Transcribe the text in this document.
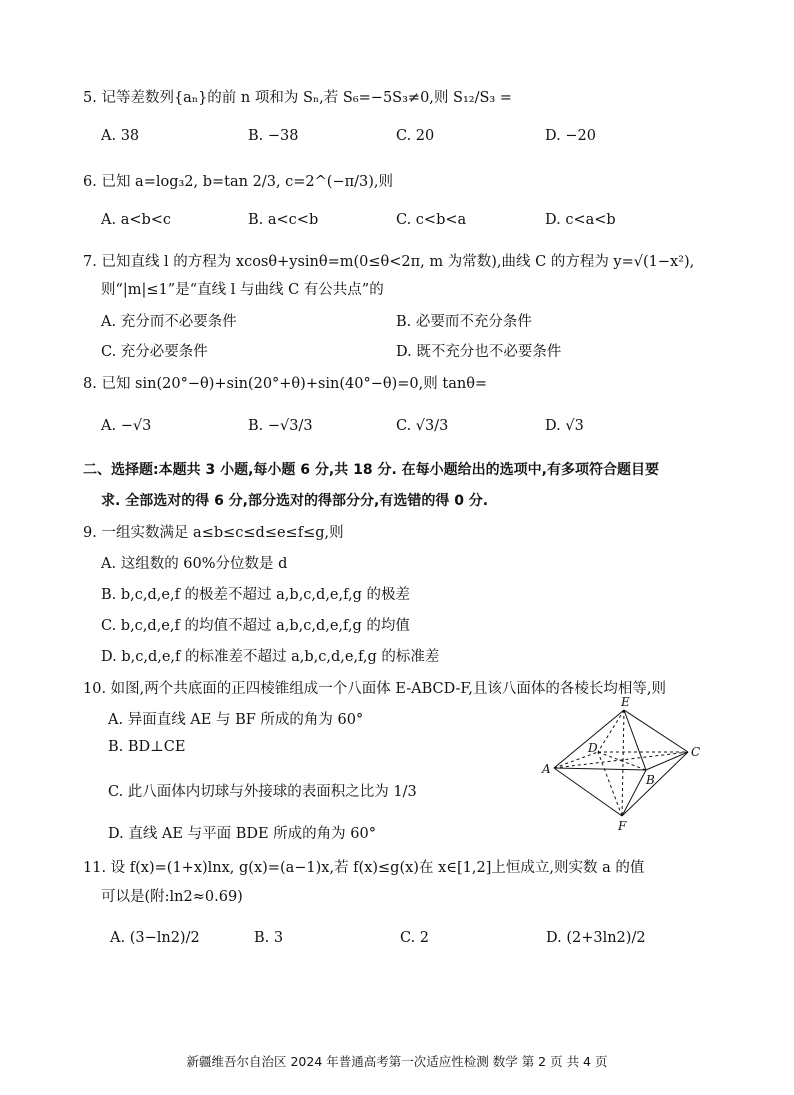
5. 记等差数列{aₙ}的前 n 项和为 Sₙ,若 S₆=−5S₃≠0,则 S₁₂/S₃ =
A. 38	B. −38	C. 20	D. −20
6. 已知 a=log₃2, b=tan 2/3, c=2^(−π/3),则
A. a<b<c	B. a<c<b	C. c<b<a	D. c<a<b
7. 已知直线 l 的方程为 xcosθ+ysinθ=m(0≤θ<2π, m 为常数),曲线 C 的方程为 y=√(1−x²),
则“|m|≤1”是“直线 l 与曲线 C 有公共点”的
A. 充分而不必要条件	B. 必要而不充分条件
C. 充分必要条件	D. 既不充分也不必要条件
8. 已知 sin(20°−θ)+sin(20°+θ)+sin(40°−θ)=0,则 tanθ=
A. −√3	B. −√3/3	C. √3/3	D. √3
二、选择题:本题共 3 小题,每小题 6 分,共 18 分. 在每小题给出的选项中,有多项符合题目要
求. 全部选对的得 6 分,部分选对的得部分分,有选错的得 0 分.
9. 一组实数满足 a≤b≤c≤d≤e≤f≤g,则
A. 这组数的 60%分位数是 d
B. b,c,d,e,f 的极差不超过 a,b,c,d,e,f,g 的极差
C. b,c,d,e,f 的均值不超过 a,b,c,d,e,f,g 的均值
D. b,c,d,e,f 的标准差不超过 a,b,c,d,e,f,g 的标准差
10. 如图,两个共底面的正四棱锥组成一个八面体 E-ABCD-F,且该八面体的各棱长均相等,则
A. 异面直线 AE 与 BF 所成的角为 60°
B. BD⊥CE
C. 此八面体内切球与外接球的表面积之比为 1/3
D. 直线 AE 与平面 BDE 所成的角为 60°
E
D	C
A
B
F
11. 设 f(x)=(1+x)lnx, g(x)=(a−1)x,若 f(x)≤g(x)在 x∈[1,2]上恒成立,则实数 a 的值
可以是(附:ln2≈0.69)
A. (3−ln2)/2	B. 3	C. 2	D. (2+3ln2)/2
新疆维吾尔自治区 2024 年普通高考第一次适应性检测 数学 第 2 页 共 4 页
